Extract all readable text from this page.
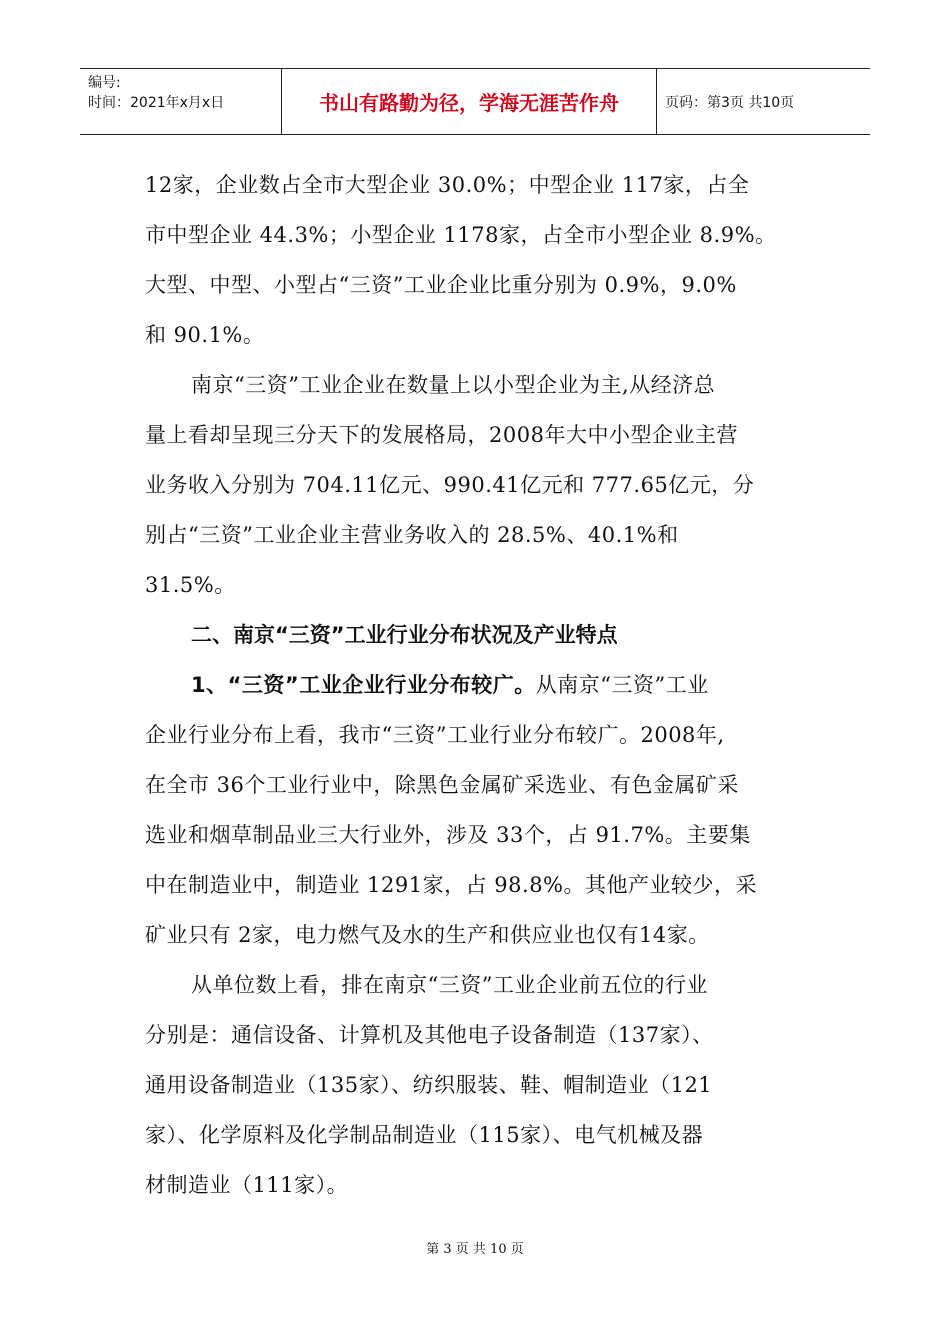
编号:
时间：2021年x月x日	书山有路勤为径，学海无涯苦作舟	页码：第3页 共10页
12家，企业数占全市大型企业 30.0%；中型企业 117家，占全
市中型企业 44.3%；小型企业 1178家，占全市小型企业 8.9%。
大型、中型、小型占“三资”工业企业比重分别为 0.9%，9.0%
和 90.1%。
南京“三资”工业企业在数量上以小型企业为主,从经济总
量上看却呈现三分天下的发展格局，2008年大中小型企业主营
业务收入分别为 704.11亿元、990.41亿元和 777.65亿元，分
别占“三资”工业企业主营业务收入的 28.5%、40.1%和
31.5%。
二、南京“三资”工业行业分布状况及产业特点
1、“三资”工业企业行业分布较广。从南京“三资”工业
企业行业分布上看，我市“三资”工业行业分布较广。2008年,
在全市 36个工业行业中，除黑色金属矿采选业、有色金属矿采
选业和烟草制品业三大行业外，涉及 33个，占 91.7%。主要集
中在制造业中，制造业 1291家，占 98.8%。其他产业较少，采
矿业只有 2家，电力燃气及水的生产和供应业也仅有14家。
从单位数上看，排在南京“三资”工业企业前五位的行业
分别是：通信设备、计算机及其他电子设备制造（137家）、
通用设备制造业（135家）、纺织服装、鞋、帽制造业（121
家）、化学原料及化学制品制造业（115家）、电气机械及器
材制造业（111家）。
第 3 页 共 10 页
